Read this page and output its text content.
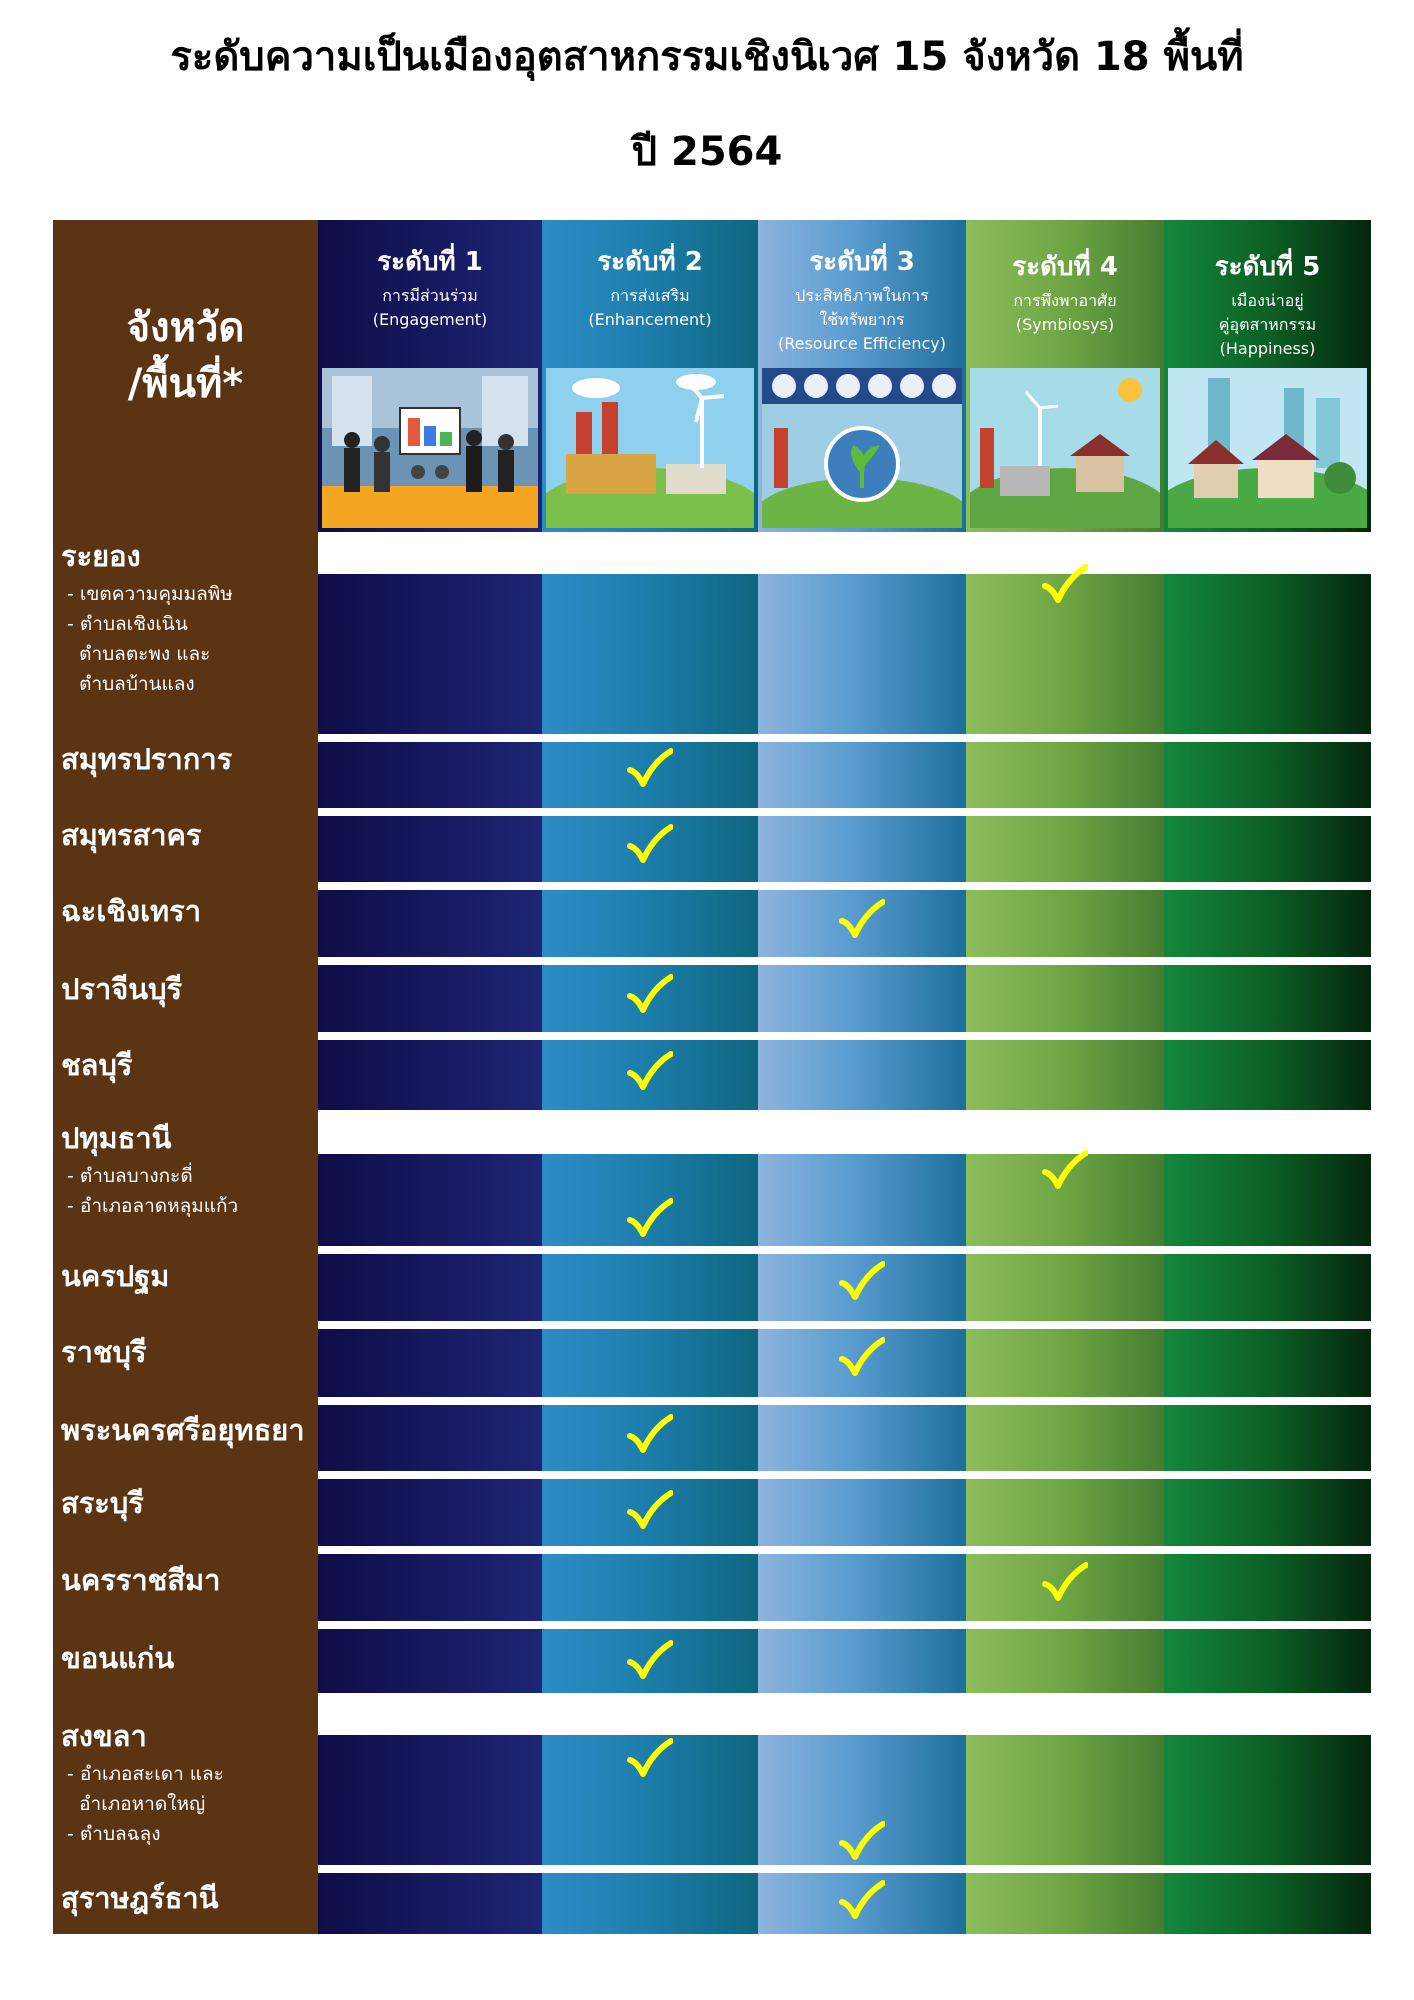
ระดับความเป็นเมืองอุตสาหกรรมเชิงนิเวศ 15 จังหวัด 18 พื้นที่
ปี 2564
จังหวัด
/พื้นที่*
ระดับที่ 1
การมีส่วนร่วม
(Engagement)
ระดับที่ 2
การส่งเสริม
(Enhancement)
ระดับที่ 3
ประสิทธิภาพในการ
ใช้ทรัพยากร
(Resource Efficiency)
ระดับที่ 4
การพึ่งพาอาศัย
(Symbiosys)
ระดับที่ 5
เมืองน่าอยู่
คู่อุตสาหกรรม
(Happiness)
ระยอง
- เขตความคุมมลพิษ
- ตำบลเชิงเนิน
ตำบลตะพง และ
ตำบลบ้านแลง
สมุทรปราการ
สมุทรสาคร
ฉะเชิงเทรา
ปราจีนบุรี
ชลบุรี
ปทุมธานี
- ตำบลบางกะดี่
- อำเภอลาดหลุมแก้ว
นครปฐม
ราชบุรี
พระนครศรีอยุทธยา
สระบุรี
นครราชสีมา
ขอนแก่น
สงขลา
- อำเภอสะเดา และ
อำเภอหาดใหญ่
- ตำบลฉลุง
สุราษฎร์ธานี
